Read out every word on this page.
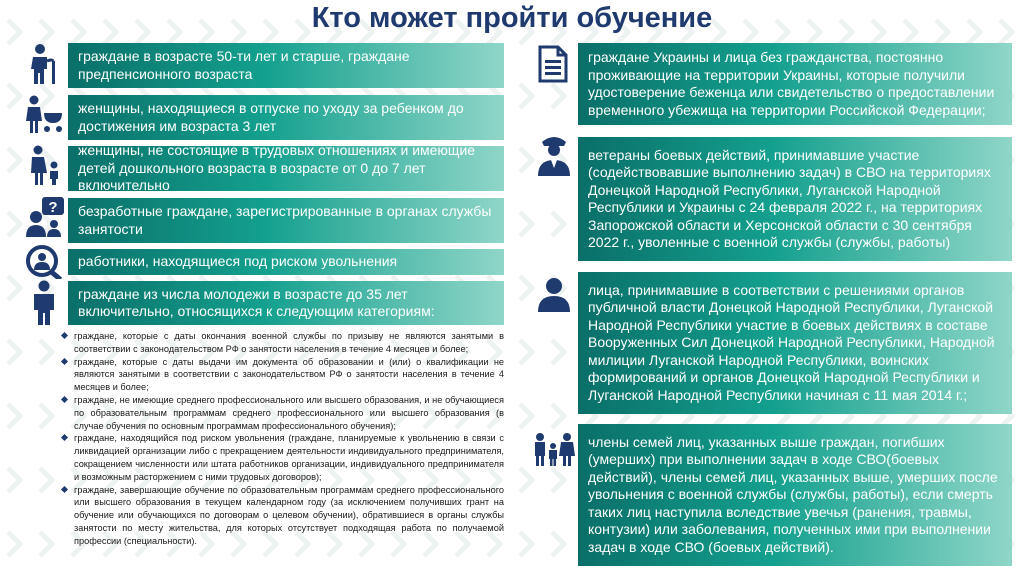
Кто может пройти обучение
?
граждане в возрасте 50-ти лет и старше, граждане предпенсионного возраста
женщины, находящиеся в отпуске по уходу за ребенком до достижения им возраста 3 лет
женщины, не состоящие в трудовых отношениях и имеющие детей дошкольного возраста в возрасте от 0 до 7 лет включительно
безработные граждане, зарегистрированные в органах службы занятости
работники, находящиеся под риском увольнения
граждане из числа молодежи в возрасте до 35 лет включительно, относящихся к следующим категориям:
граждане, которые с даты окончания военной службы по призыву не являются занятыми в соответствии с законодательством РФ о занятости населения в течение 4 месяцев и более;
граждане, которые с даты выдачи им документа об образовании и (или) о квалификации не являются занятыми в соответствии с законодательством РФ о занятости населения в течение 4 месяцев и более;
граждане, не имеющие среднего профессионального или высшего образования, и не обучающиеся по образовательным программам среднего профессионального или высшего образования (в случае обучения по основным программам профессионального обучения);
граждане, находящийся под риском увольнения (граждане, планируемые к увольнению в связи с ликвидацией организации либо с прекращением деятельности индивидуального предпринимателя, сокращением численности или штата работников организации, индивидуального предпринимателя и возможным расторжением с ними трудовых договоров);
граждане, завершающие обучение по образовательным программам среднего профессионального или высшего образования в текущем календарном году (за исключением получивших грант на обучение или обучающихся по договорам о целевом обучении), обратившиеся в органы службы занятости по месту жительства, для которых отсутствует подходящая работа по получаемой профессии (специальности).
граждане Украины и лица без гражданства, постоянно проживающие на территории Украины, которые получили удостоверение беженца или свидетельство о предоставлении временного убежища на территории Российской Федерации;
ветераны боевых действий, принимавшие участие (содействовавшие выполнению задач) в СВО на территориях Донецкой Народной Республики, Луганской Народной Республики и Украины с 24 февраля 2022 г., на территориях Запорожской области и Херсонской области с 30 сентября 2022 г., уволенные с военной службы (службы, работы)
лица, принимавшие в соответствии с решениями органов публичной власти Донецкой Народной Республики, Луганской Народной Республики участие в боевых действиях в составе Вооруженных Сил Донецкой Народной Республики, Народной милиции Луганской Народной Республики, воинских формирований и органов Донецкой Народной Республики и Луганской Народной Республики начиная с 11 мая 2014 г.;
члены семей лиц, указанных выше граждан, погибших (умерших) при выполнении задач в ходе СВО(боевых действий), члены семей лиц, указанных выше, умерших после увольнения с военной службы (службы, работы), если смерть таких лиц наступила вследствие увечья (ранения, травмы, контузии) или заболевания, полученных ими при выполнении задач в ходе СВО (боевых действий).
